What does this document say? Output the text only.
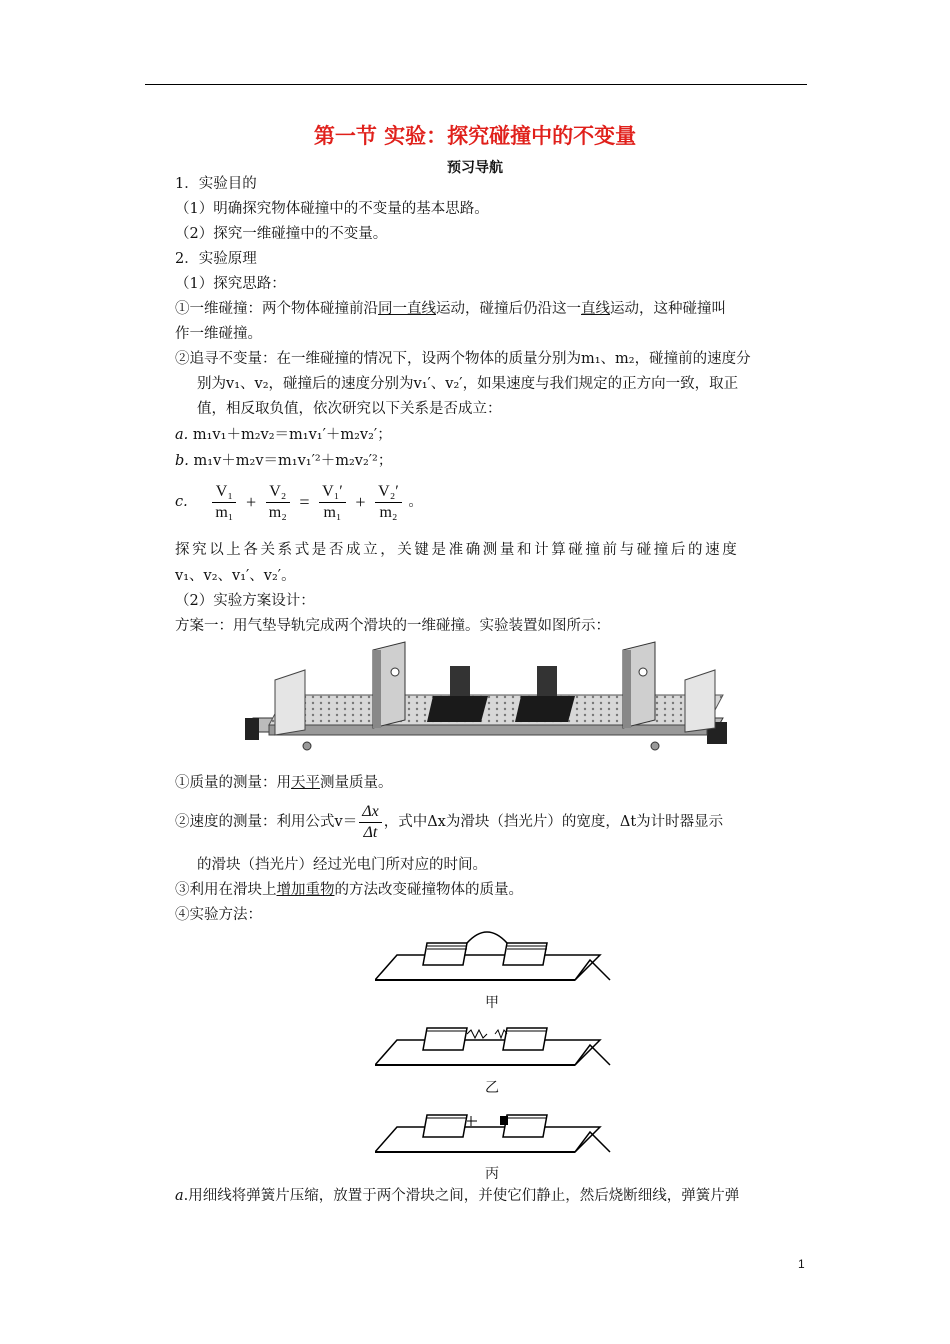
第一节 实验：探究碰撞中的不变量
预习导航
1．实验目的
（1）明确探究物体碰撞中的不变量的基本思路。
（2）探究一维碰撞中的不变量。
2．实验原理
（1）探究思路：
①一维碰撞：两个物体碰撞前沿同一直线运动，碰撞后仍沿这一直线运动，这种碰撞叫
作一维碰撞。
②追寻不变量：在一维碰撞的情况下，设两个物体的质量分别为m₁、m₂，碰撞前的速度分
别为v₁、v₂，碰撞后的速度分别为v₁′、v₂′，如果速度与我们规定的正方向一致，取正
值，相反取负值，依次研究以下关系是否成立：
a. m₁v₁＋m₂v₂＝m₁v₁′＋m₂v₂′；
b. m₁v＋m₂v＝m₁v₁′²＋m₂v₂′²；
c. $\frac{\text{V₁}}{\text{m₁}} + \frac{\text{V₂}}{\text{m₂}} = \frac{\text{V₁′}}{\text{m₁}} + \frac{\text{V₂′}}{\text{m₂}}$ 。
探究以上各关系式是否成立，关键是准确测量和计算碰撞前与碰撞后的速度
v₁、v₂、v₁′、v₂′。
（2）实验方案设计：
方案一：用气垫导轨完成两个滑块的一维碰撞。实验装置如图所示：
①质量的测量：用天平测量质量。
②速度的测量：利用公式$v= \frac{\Delta x}{\Delta t}$ ，式中Δx为滑块（挡光片）的宽度，Δt为计时器显示
的滑块（挡光片）经过光电门所对应的时间。
③利用在滑块上增加重物的方法改变碰撞物体的质量。
④实验方法：
甲
乙
丙
a.用细线将弹簧片压缩，放置于两个滑块之间，并使它们静止，然后烧断细线，弹簧片弹
1
